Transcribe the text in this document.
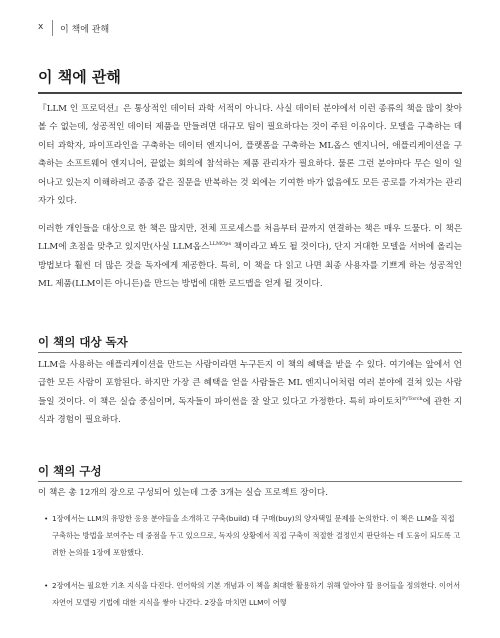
x 이 책에 관해
이 책에 관해

『LLM 인 프로덕션』은 통상적인 데이터 과학 서적이 아니다. 사실 데이터 분야에서 이런 종류의 책을 많이 찾아볼 수 없는데, 성공적인 데이터 제품을 만들려면 대규모 팀이 필요하다는 것이 주된 이유이다. 모델을 구축하는 데이터 과학자, 파이프라인을 구축하는 데이터 엔지니어, 플랫폼을 구축하는 ML옵스 엔지니어, 애플리케이션을 구축하는 소프트웨어 엔지니어, 끝없는 회의에 참석하는 제품 관리자가 필요하다. 물론 그런 분야마다 무슨 일이 일어나고 있는지 이해하려고 종종 같은 질문을 반복하는 것 외에는 기여한 바가 없음에도 모든 공로를 가져가는 관리자가 있다.

이러한 개인들을 대상으로 한 책은 많지만, 전체 프로세스를 처음부터 끝까지 연결하는 책은 매우 드물다. 이 책은 LLM에 초점을 맞추고 있지만(사실 LLM옵스$^{LLMOps}$ 책이라고 봐도 될 것이다), 단지 거대한 모델을 서버에 올리는 방법보다 훨씬 더 많은 것을 독자에게 제공한다. 특히, 이 책을 다 읽고 나면 최종 사용자를 기쁘게 하는 성공적인 ML 제품(LLM이든 아니든)을 만드는 방법에 대한 로드맵을 얻게 될 것이다.

이 책의 대상 독자

LLM을 사용하는 애플리케이션을 만드는 사람이라면 누구든지 이 책의 혜택을 받을 수 있다. 여기에는 앞에서 언급한 모든 사람이 포함된다. 하지만 가장 큰 혜택을 얻을 사람들은 ML 엔지니어처럼 여러 분야에 걸쳐 있는 사람들일 것이다. 이 책은 실습 중심이며, 독자들이 파이썬을 잘 알고 있다고 가정한다. 특히 파이토치$^{PyTorch}$에 관한 지식과 경험이 필요하다.

이 책의 구성

이 책은 총 12개의 장으로 구성되어 있는데 그중 3개는 실습 프로젝트 장이다.

• 1장에서는 LLM의 유망한 응용 분야들을 소개하고 구축(build) 대 구매(buy)의 양자택일 문제를 논의한다. 이 책은 LLM을 직접 구축하는 방법을 보여주는 데 중점을 두고 있으므로, 독자의 상황에서 직접 구축이 적절한 결정인지 판단하는 데 도움이 되도록 고려한 논의를 1장에 포함했다.

• 2장에서는 필요한 기초 지식을 다진다. 언어학의 기본 개념과 이 책을 최대한 활용하기 위해 알아야 할 용어들을 정의한다. 이어서 자연어 모델링 기법에 대한 지식을 쌓아 나간다. 2장을 마치면 LLM이 어떻
